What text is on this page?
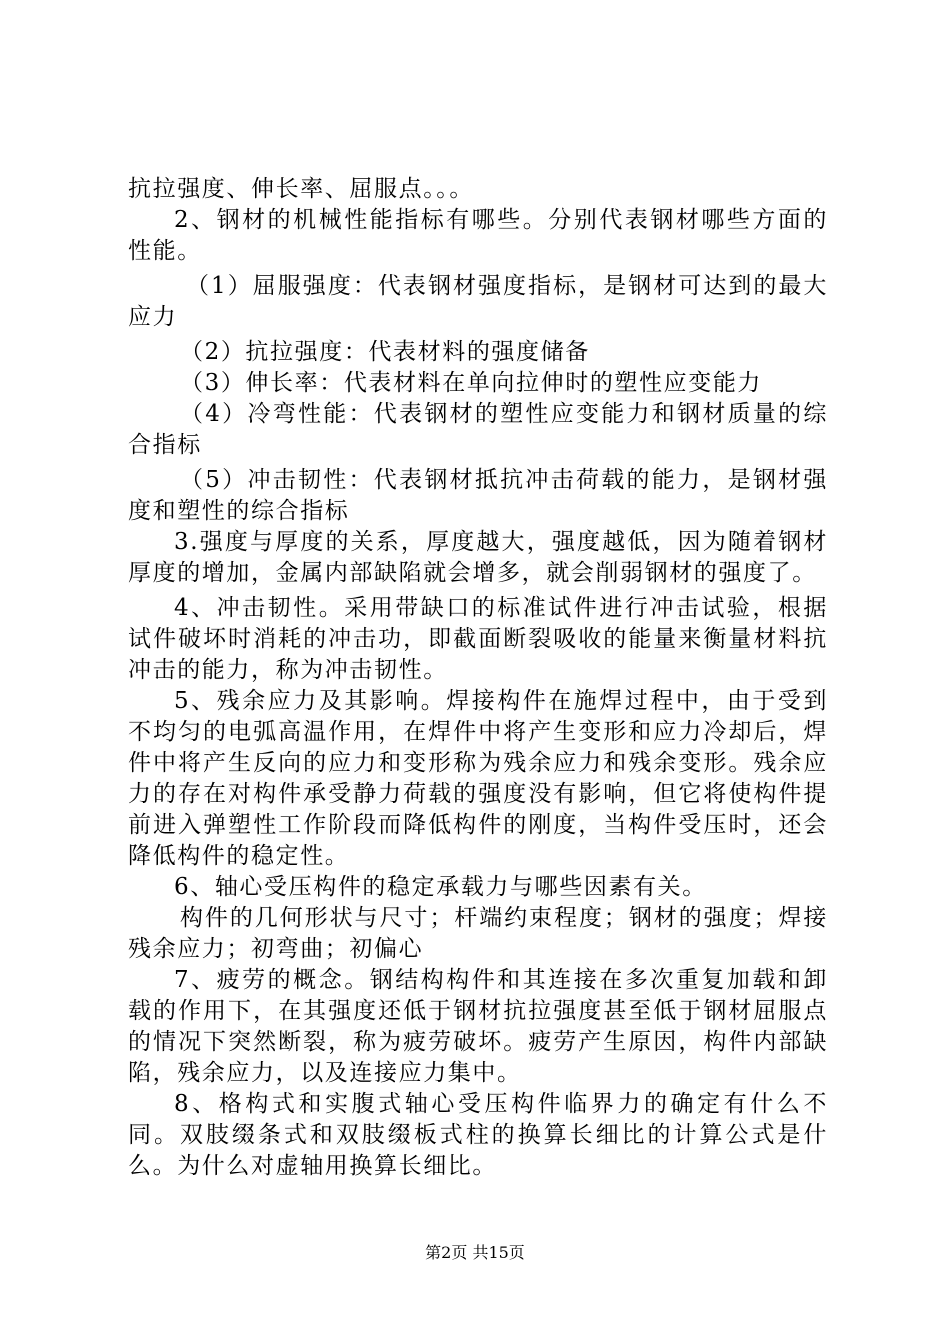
抗拉强度、伸长率、屈服点。。。

2、钢材的机械性能指标有哪些。分别代表钢材哪些方面的性能。

（1）屈服强度：代表钢材强度指标，是钢材可达到的最大应力

（2）抗拉强度：代表材料的强度储备

（3）伸长率：代表材料在单向拉伸时的塑性应变能力

（4）冷弯性能：代表钢材的塑性应变能力和钢材质量的综合指标

（5）冲击韧性：代表钢材抵抗冲击荷载的能力，是钢材强度和塑性的综合指标

3.强度与厚度的关系，厚度越大，强度越低，因为随着钢材厚度的增加，金属内部缺陷就会增多，就会削弱钢材的强度了。

4、冲击韧性。采用带缺口的标准试件进行冲击试验，根据试件破坏时消耗的冲击功，即截面断裂吸收的能量来衡量材料抗冲击的能力，称为冲击韧性。

5、残余应力及其影响。焊接构件在施焊过程中，由于受到不均匀的电弧高温作用，在焊件中将产生变形和应力冷却后，焊件中将产生反向的应力和变形称为残余应力和残余变形。残余应力的存在对构件承受静力荷载的强度没有影响，但它将使构件提前进入弹塑性工作阶段而降低构件的刚度，当构件受压时，还会降低构件的稳定性。

6、轴心受压构件的稳定承载力与哪些因素有关。

构件的几何形状与尺寸；杆端约束程度；钢材的强度；焊接残余应力；初弯曲；初偏心

7、疲劳的概念。钢结构构件和其连接在多次重复加载和卸载的作用下，在其强度还低于钢材抗拉强度甚至低于钢材屈服点的情况下突然断裂，称为疲劳破坏。疲劳产生原因，构件内部缺陷，残余应力，以及连接应力集中。

8、格构式和实腹式轴心受压构件临界力的确定有什么不同。双肢缀条式和双肢缀板式柱的换算长细比的计算公式是什么。为什么对虚轴用换算长细比。

第2页 共15页
